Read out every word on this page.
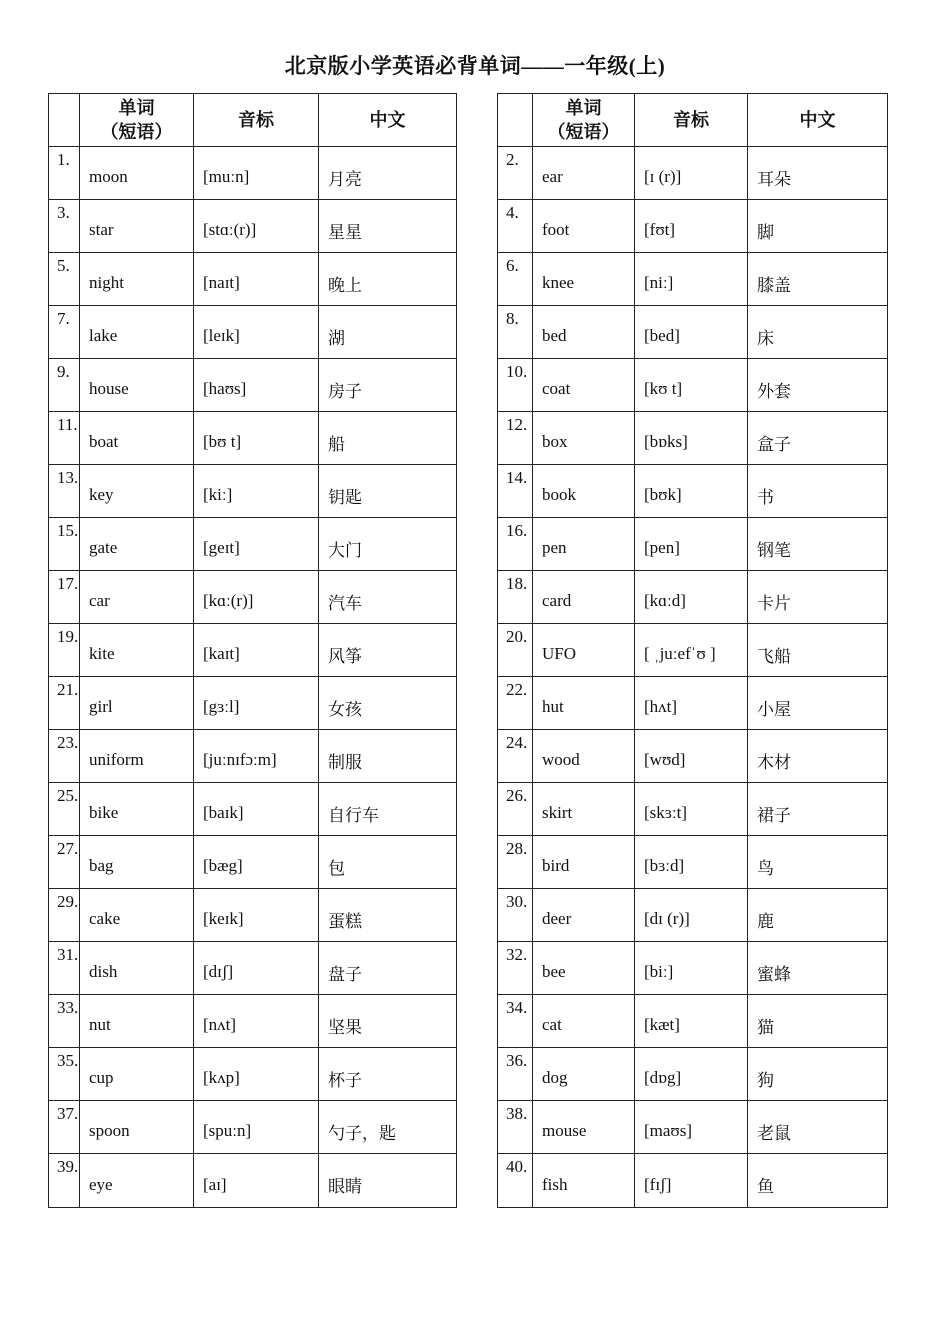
北京版小学英语必背单词——一年级(上)
	单词
（短语）	音标	中文
1.	moon	[muːn]	月亮
3.	star	[stɑː(r)]	星星
5.	night	[naɪt]	晚上
7.	lake	[leɪk]	湖
9.	house	[haʊs]	房子
11.	boat	[bʊ t]	船
13.	key	[kiː]	钥匙
15.	gate	[geɪt]	大门
17.	car	[kɑː(r)]	汽车
19.	kite	[kaɪt]	风筝
21.	girl	[gɜːl]	女孩
23.	uniform	[juːnɪfɔːm]	制服
25.	bike	[baɪk]	自行车
27.	bag	[bæg]	包
29.	cake	[keɪk]	蛋糕
31.	dish	[dɪʃ]	盘子
33.	nut	[nʌt]	坚果
35.	cup	[kʌp]	杯子
37.	spoon	[spuːn]	勺子，匙
39.	eye	[aɪ]	眼睛
	单词
（短语）	音标	中文
2.	ear	[ɪ (r)]	耳朵
4.	foot	[fʊt]	脚
6.	knee	[niː]	膝盖
8.	bed	[bed]	床
10.	coat	[kʊ t]	外套
12.	box	[bɒks]	盒子
14.	book	[bʊk]	书
16.	pen	[pen]	钢笔
18.	card	[kɑːd]	卡片
20.	UFO	[ ˌjuːefˈʊ ]	飞船
22.	hut	[hʌt]	小屋
24.	wood	[wʊd]	木材
26.	skirt	[skɜːt]	裙子
28.	bird	[bɜːd]	鸟
30.	deer	[dɪ (r)]	鹿
32.	bee	[biː]	蜜蜂
34.	cat	[kæt]	猫
36.	dog	[dɒg]	狗
38.	mouse	[maʊs]	老鼠
40.	fish	[fɪʃ]	鱼
